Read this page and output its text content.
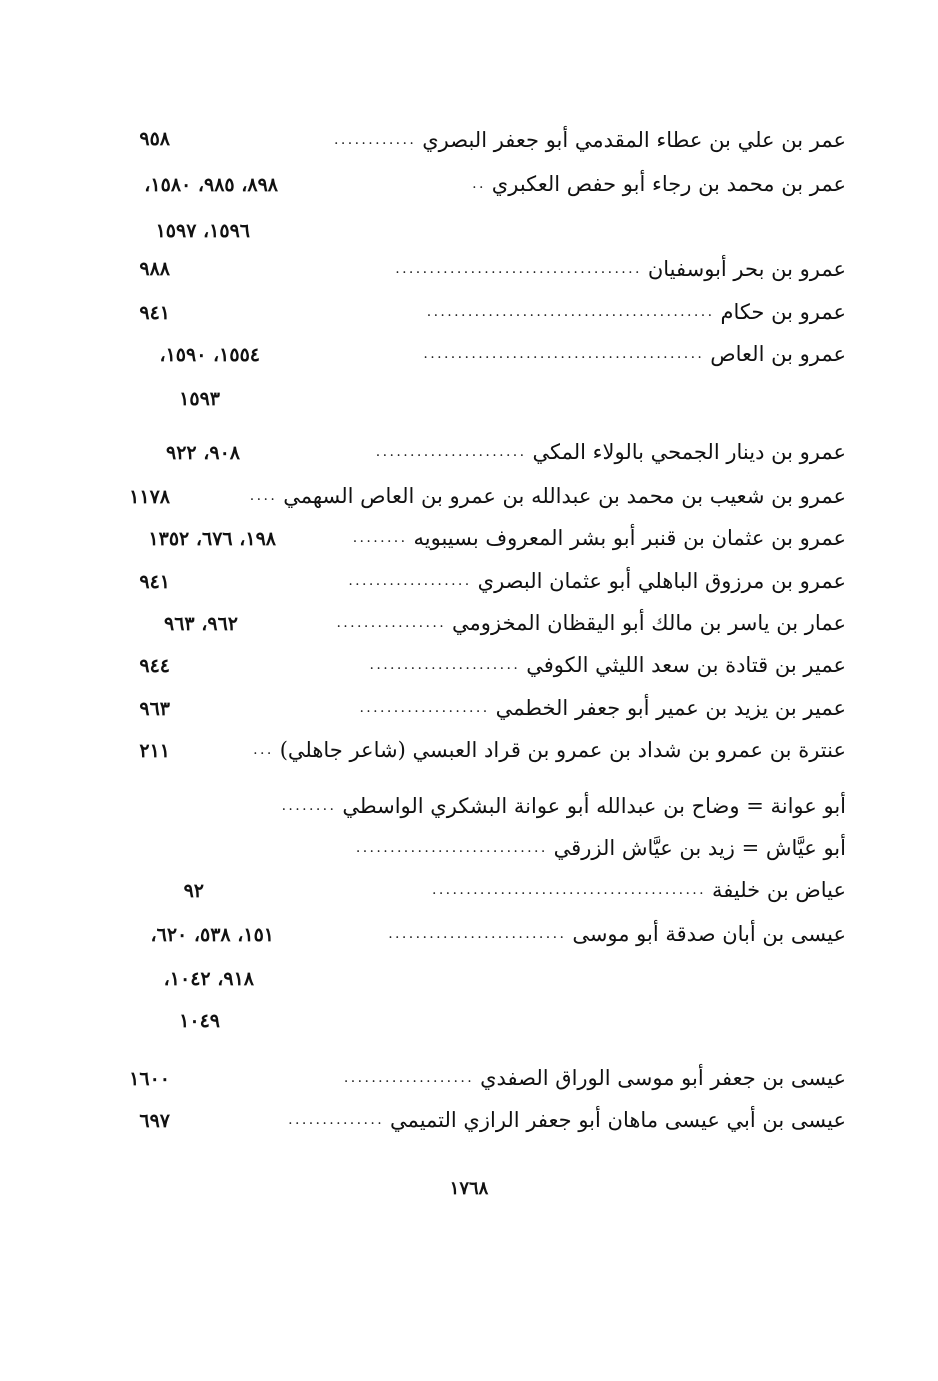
عمر بن علي بن عطاء المقدمي أبو جعفر البصري
............
٩٥٨
عمر بن محمد بن رجاء أبو حفص العكبري
..
٨٩٨، ٩٨٥، ١٥٨٠،
١٥٩٦، ١٥٩٧
عمرو بن بحر أبوسفيان
....................................
٩٨٨
عمرو بن حكام
..........................................
٩٤١
عمرو بن العاص
.........................................
١٥٥٤، ١٥٩٠،
١٥٩٣
عمرو بن دينار الجمحي بالولاء المكي
......................
٩٠٨، ٩٢٢
عمرو بن شعيب بن محمد بن عبدالله بن عمرو بن العاص السهمي
....
١١٧٨
عمرو بن عثمان بن قنبر أبو بشر المعروف بسيبويه
........
١٩٨، ٦٧٦، ١٣٥٢
عمرو بن مرزوق الباهلي أبو عثمان البصري
..................
٩٤١
عمار بن ياسر بن مالك أبو اليقظان المخزومي
................
٩٦٢، ٩٦٣
عمير بن قتادة بن سعد الليثي الكوفي
......................
٩٤٤
عمير بن يزيد بن عمير أبو جعفر الخطمي
...................
٩٦٣
عنترة بن عمرو بن شداد بن عمرو بن قراد العبسي (شاعر جاهلي)
...
٢١١
أبو عوانة = وضاح بن عبدالله أبو عوانة البشكري الواسطي
........
أبو عيَّاش = زيد بن عيَّاش الزرقي
............................
عياض بن خليفة
........................................
٩٢
عيسى بن أبان صدقة أبو موسى
..........................
١٥١، ٥٣٨، ٦٢٠،
٩١٨، ١٠٤٢،
١٠٤٩
عيسى بن جعفر أبو موسى الوراق الصفدي
...................
١٦٠٠
عيسى بن أبي عيسى ماهان أبو جعفر الرازي التميمي
..............
٦٩٧
١٧٦٨
